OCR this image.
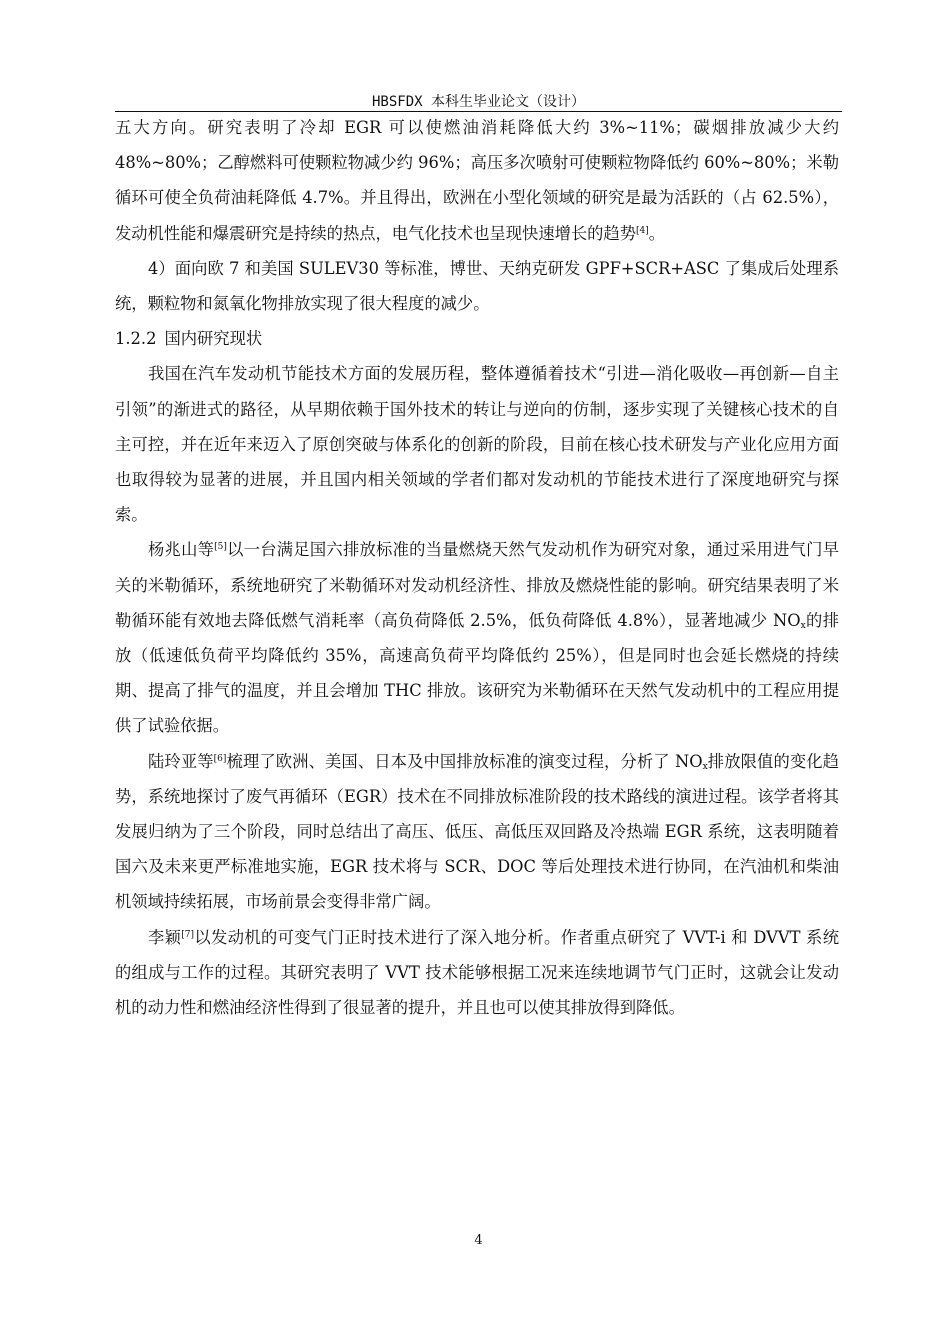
HBSFDX 本科生毕业论文（设计）

五大方向。研究表明了冷却 EGR 可以使燃油消耗降低大约 3%~11%；碳烟排放减少大约 48%~80%；乙醇燃料可使颗粒物减少约 96%；高压多次喷射可使颗粒物降低约 60%~80%；米勒循环可使全负荷油耗降低 4.7%。并且得出，欧洲在小型化领域的研究是最为活跃的（占 62.5%），发动机性能和爆震研究是持续的热点，电气化技术也呈现快速增长的趋势[4]。

4）面向欧 7 和美国 SULEV30 等标准，博世、天纳克研发 GPF+SCR+ASC 了集成后处理系统，颗粒物和氮氧化物排放实现了很大程度的减少。

1.2.2 国内研究现状

我国在汽车发动机节能技术方面的发展历程，整体遵循着技术“引进—消化吸收—再创新—自主引领”的渐进式的路径，从早期依赖于国外技术的转让与逆向的仿制，逐步实现了关键核心技术的自主可控，并在近年来迈入了原创突破与体系化的创新的阶段，目前在核心技术研发与产业化应用方面也取得较为显著的进展，并且国内相关领域的学者们都对发动机的节能技术进行了深度地研究与探索。

杨兆山等[5]以一台满足国六排放标准的当量燃烧天然气发动机作为研究对象，通过采用进气门早关的米勒循环，系统地研究了米勒循环对发动机经济性、排放及燃烧性能的影响。研究结果表明了米勒循环能有效地去降低燃气消耗率（高负荷降低 2.5%，低负荷降低 4.8%），显著地减少 $NO_x$的排放（低速低负荷平均降低约 35%，高速高负荷平均降低约 25%），但是同时也会延长燃烧的持续期、提高了排气的温度，并且会增加 THC 排放。该研究为米勒循环在天然气发动机中的工程应用提供了试验依据。

陆玲亚等[6]梳理了欧洲、美国、日本及中国排放标准的演变过程，分析了 $NO_x$排放限值的变化趋势，系统地探讨了废气再循环（EGR）技术在不同排放标准阶段的技术路线的演进过程。该学者将其发展归纳为了三个阶段，同时总结出了高压、低压、高低压双回路及冷热端 EGR 系统，这表明随着国六及未来更严标准地实施，EGR 技术将与 SCR、DOC 等后处理技术进行协同，在汽油机和柴油机领域持续拓展，市场前景会变得非常广阔。

李颖[7]以发动机的可变气门正时技术进行了深入地分析。作者重点研究了 VVT-i 和 DVVT 系统的组成与工作的过程。其研究表明了 VVT 技术能够根据工况来连续地调节气门正时，这就会让发动机的动力性和燃油经济性得到了很显著的提升，并且也可以使其排放得到降低。

4
